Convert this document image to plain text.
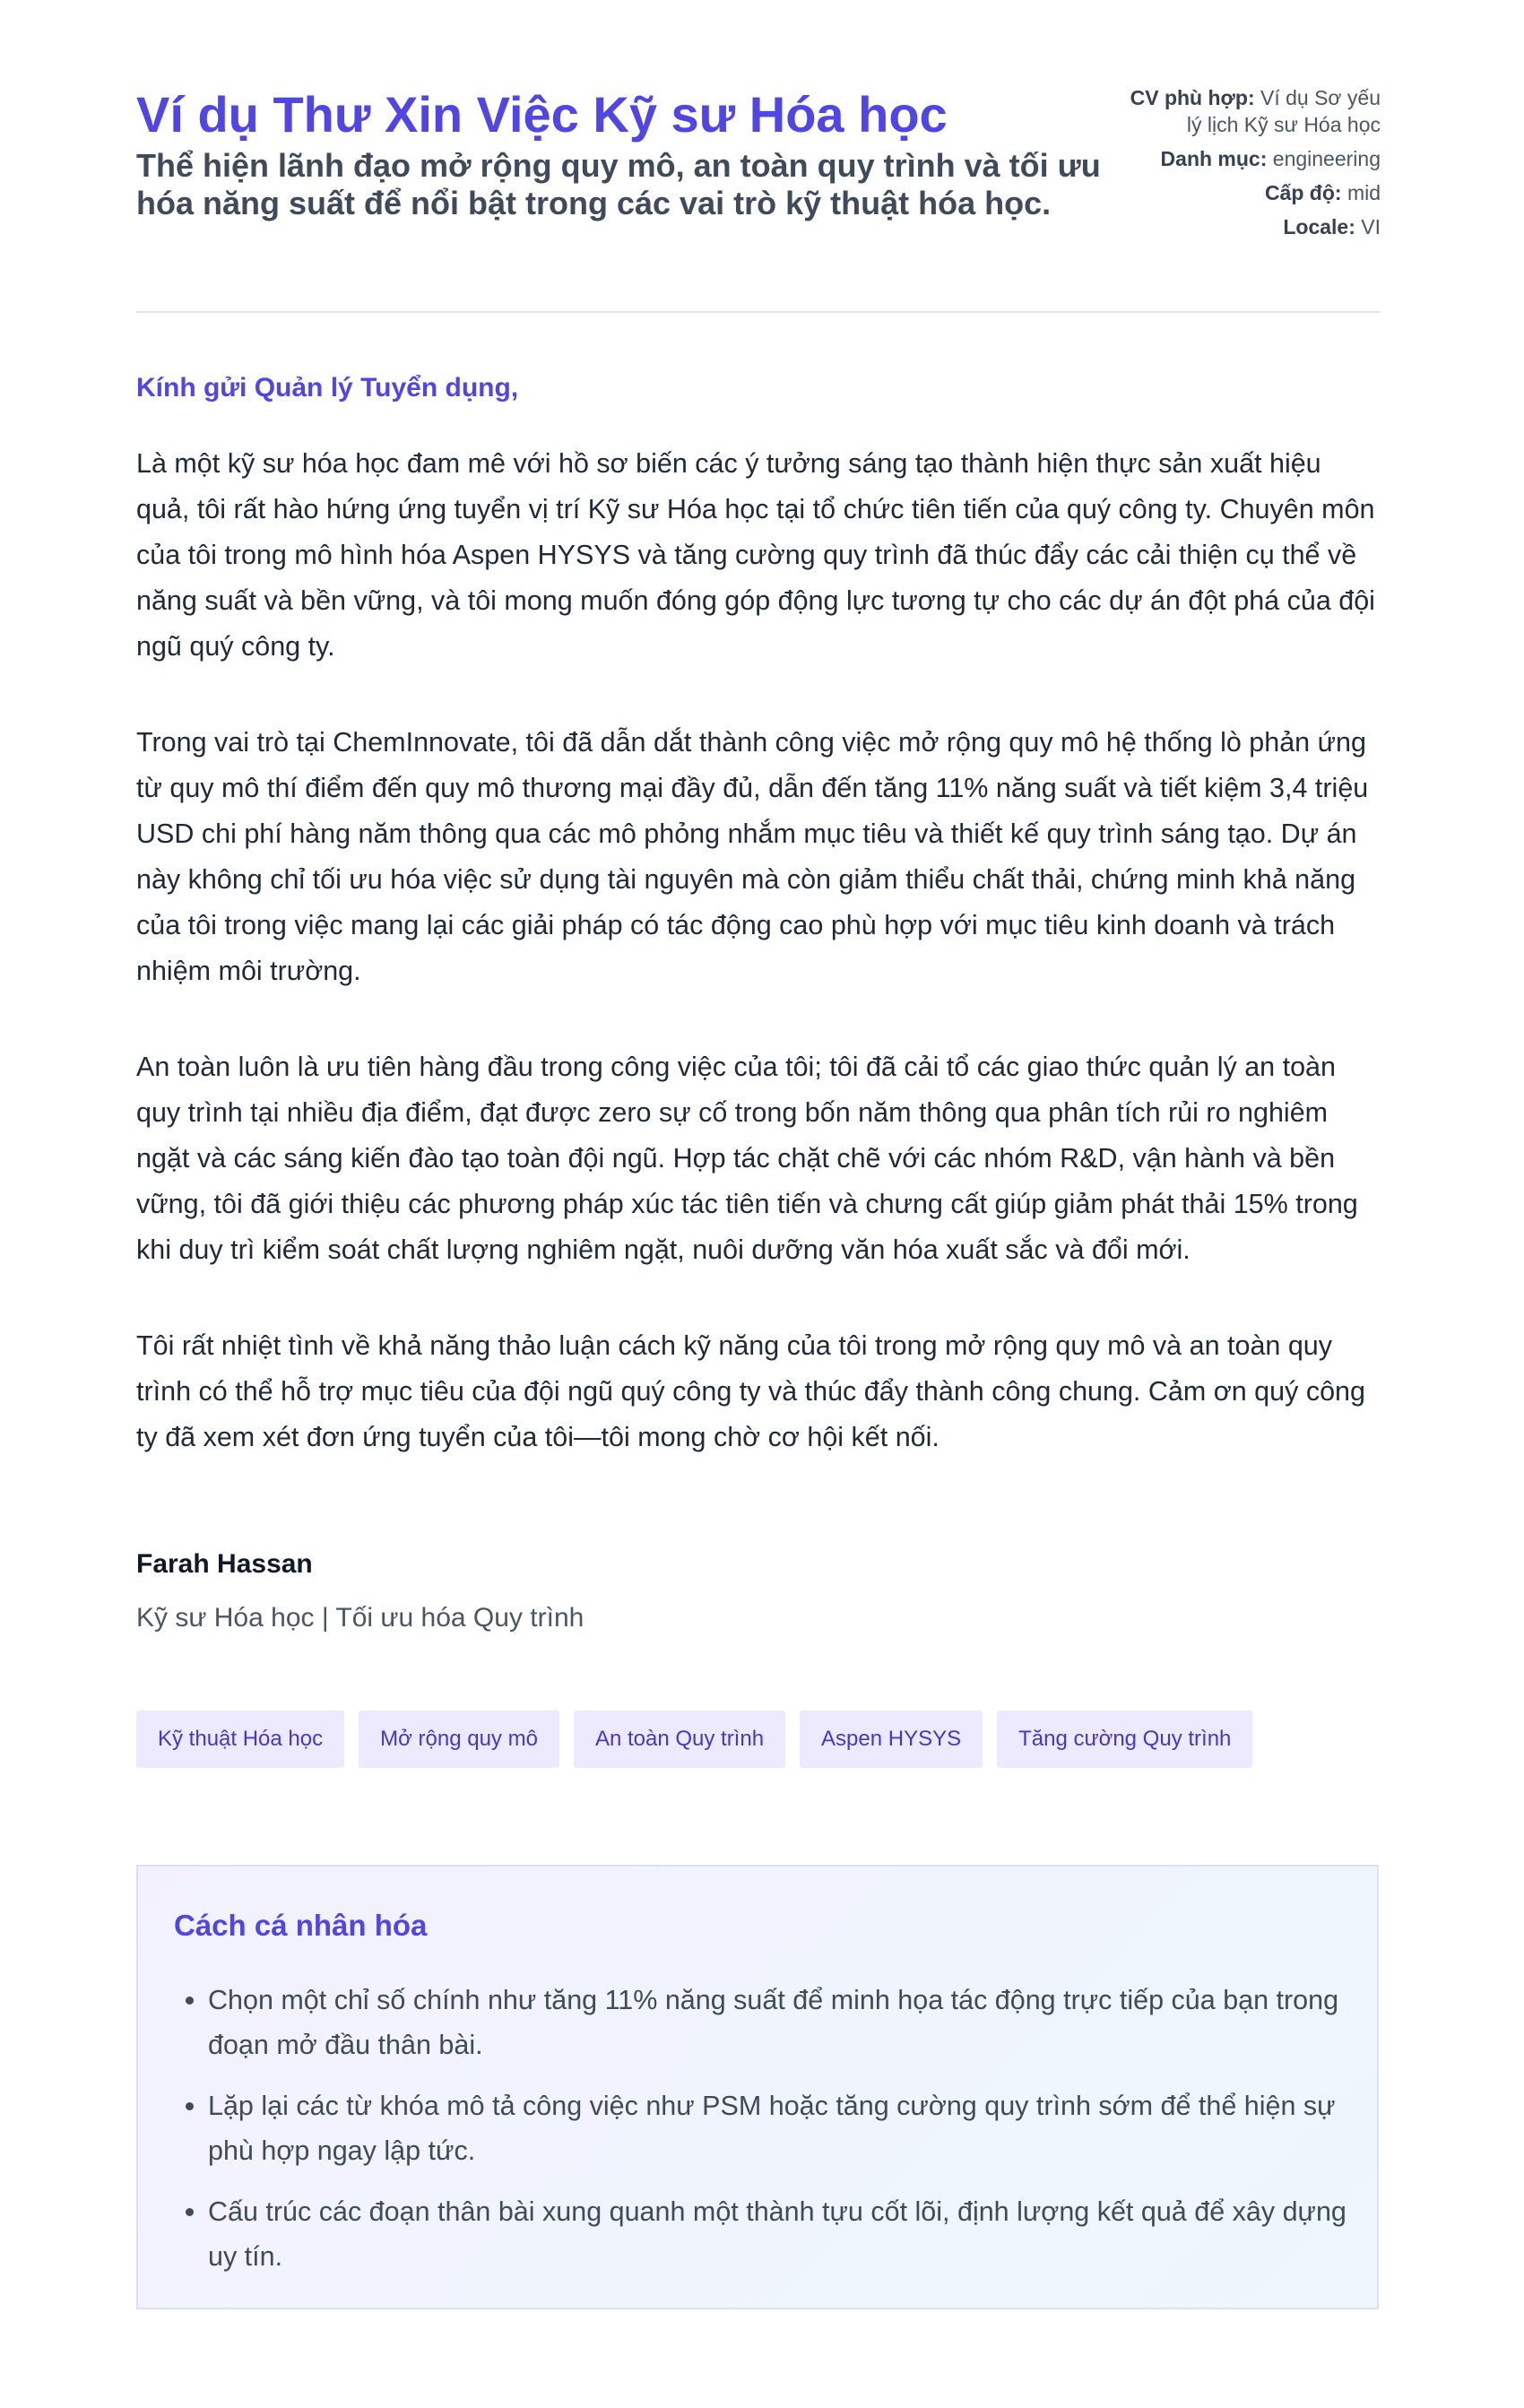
Ví dụ Thư Xin Việc Kỹ sư Hóa học

Thể hiện lãnh đạo mở rộng quy mô, an toàn quy trình và tối ưu hóa năng suất để nổi bật trong các vai trò kỹ thuật hóa học.

CV phù hợp: Ví dụ Sơ yếu lý lịch Kỹ sư Hóa học
Danh mục: engineering
Cấp độ: mid
Locale: VI

Kính gửi Quản lý Tuyển dụng,

Là một kỹ sư hóa học đam mê với hồ sơ biến các ý tưởng sáng tạo thành hiện thực sản xuất hiệu quả, tôi rất hào hứng ứng tuyển vị trí Kỹ sư Hóa học tại tổ chức tiên tiến của quý công ty. Chuyên môn của tôi trong mô hình hóa Aspen HYSYS và tăng cường quy trình đã thúc đẩy các cải thiện cụ thể về năng suất và bền vững, và tôi mong muốn đóng góp động lực tương tự cho các dự án đột phá của đội ngũ quý công ty.

Trong vai trò tại ChemInnovate, tôi đã dẫn dắt thành công việc mở rộng quy mô hệ thống lò phản ứng từ quy mô thí điểm đến quy mô thương mại đầy đủ, dẫn đến tăng 11% năng suất và tiết kiệm 3,4 triệu USD chi phí hàng năm thông qua các mô phỏng nhắm mục tiêu và thiết kế quy trình sáng tạo. Dự án này không chỉ tối ưu hóa việc sử dụng tài nguyên mà còn giảm thiểu chất thải, chứng minh khả năng của tôi trong việc mang lại các giải pháp có tác động cao phù hợp với mục tiêu kinh doanh và trách nhiệm môi trường.

An toàn luôn là ưu tiên hàng đầu trong công việc của tôi; tôi đã cải tổ các giao thức quản lý an toàn quy trình tại nhiều địa điểm, đạt được zero sự cố trong bốn năm thông qua phân tích rủi ro nghiêm ngặt và các sáng kiến đào tạo toàn đội ngũ. Hợp tác chặt chẽ với các nhóm R&D, vận hành và bền vững, tôi đã giới thiệu các phương pháp xúc tác tiên tiến và chưng cất giúp giảm phát thải 15% trong khi duy trì kiểm soát chất lượng nghiêm ngặt, nuôi dưỡng văn hóa xuất sắc và đổi mới.

Tôi rất nhiệt tình về khả năng thảo luận cách kỹ năng của tôi trong mở rộng quy mô và an toàn quy trình có thể hỗ trợ mục tiêu của đội ngũ quý công ty và thúc đẩy thành công chung. Cảm ơn quý công ty đã xem xét đơn ứng tuyển của tôi—tôi mong chờ cơ hội kết nối.

Farah Hassan
Kỹ sư Hóa học | Tối ưu hóa Quy trình
Kỹ thuật Hóa học	Mở rộng quy mô	An toàn Quy trình	Aspen HYSYS	Tăng cường Quy trình
Cách cá nhân hóa
• Chọn một chỉ số chính như tăng 11% năng suất để minh họa tác động trực tiếp của bạn trong đoạn mở đầu thân bài.
• Lặp lại các từ khóa mô tả công việc như PSM hoặc tăng cường quy trình sớm để thể hiện sự phù hợp ngay lập tức.
• Cấu trúc các đoạn thân bài xung quanh một thành tựu cốt lõi, định lượng kết quả để xây dựng uy tín.
